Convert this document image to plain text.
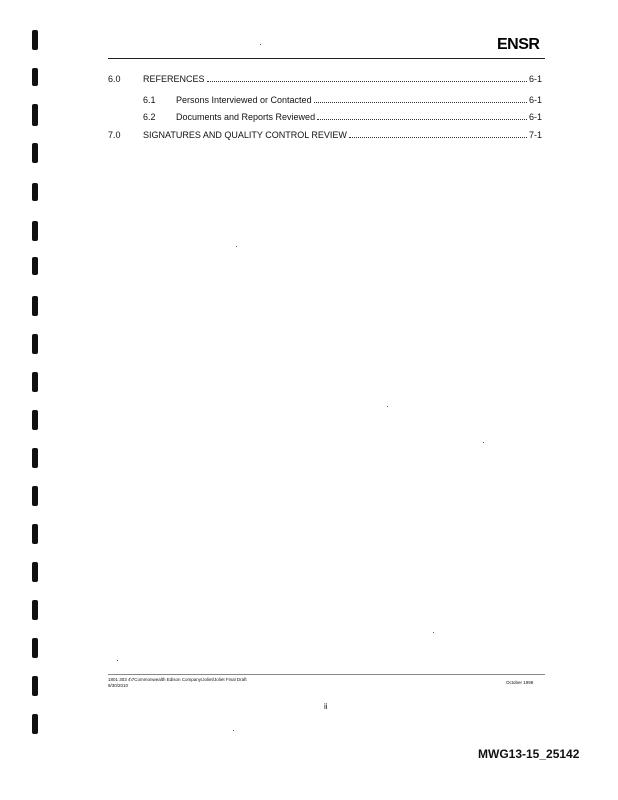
ENSR
6.0	REFERENCES	6-1
6.1	Persons Interviewed or Contacted	6-1
6.2	Documents and Reports Reviewed	6-1
7.0	SIGNATURES AND QUALITY CONTROL REVIEW	7-1
1801 303 4\7Commonwealth Edison Company/Joliet/Joliet Final Draft
9/30/2010
October 1998
ii
MWG13-15_25142
